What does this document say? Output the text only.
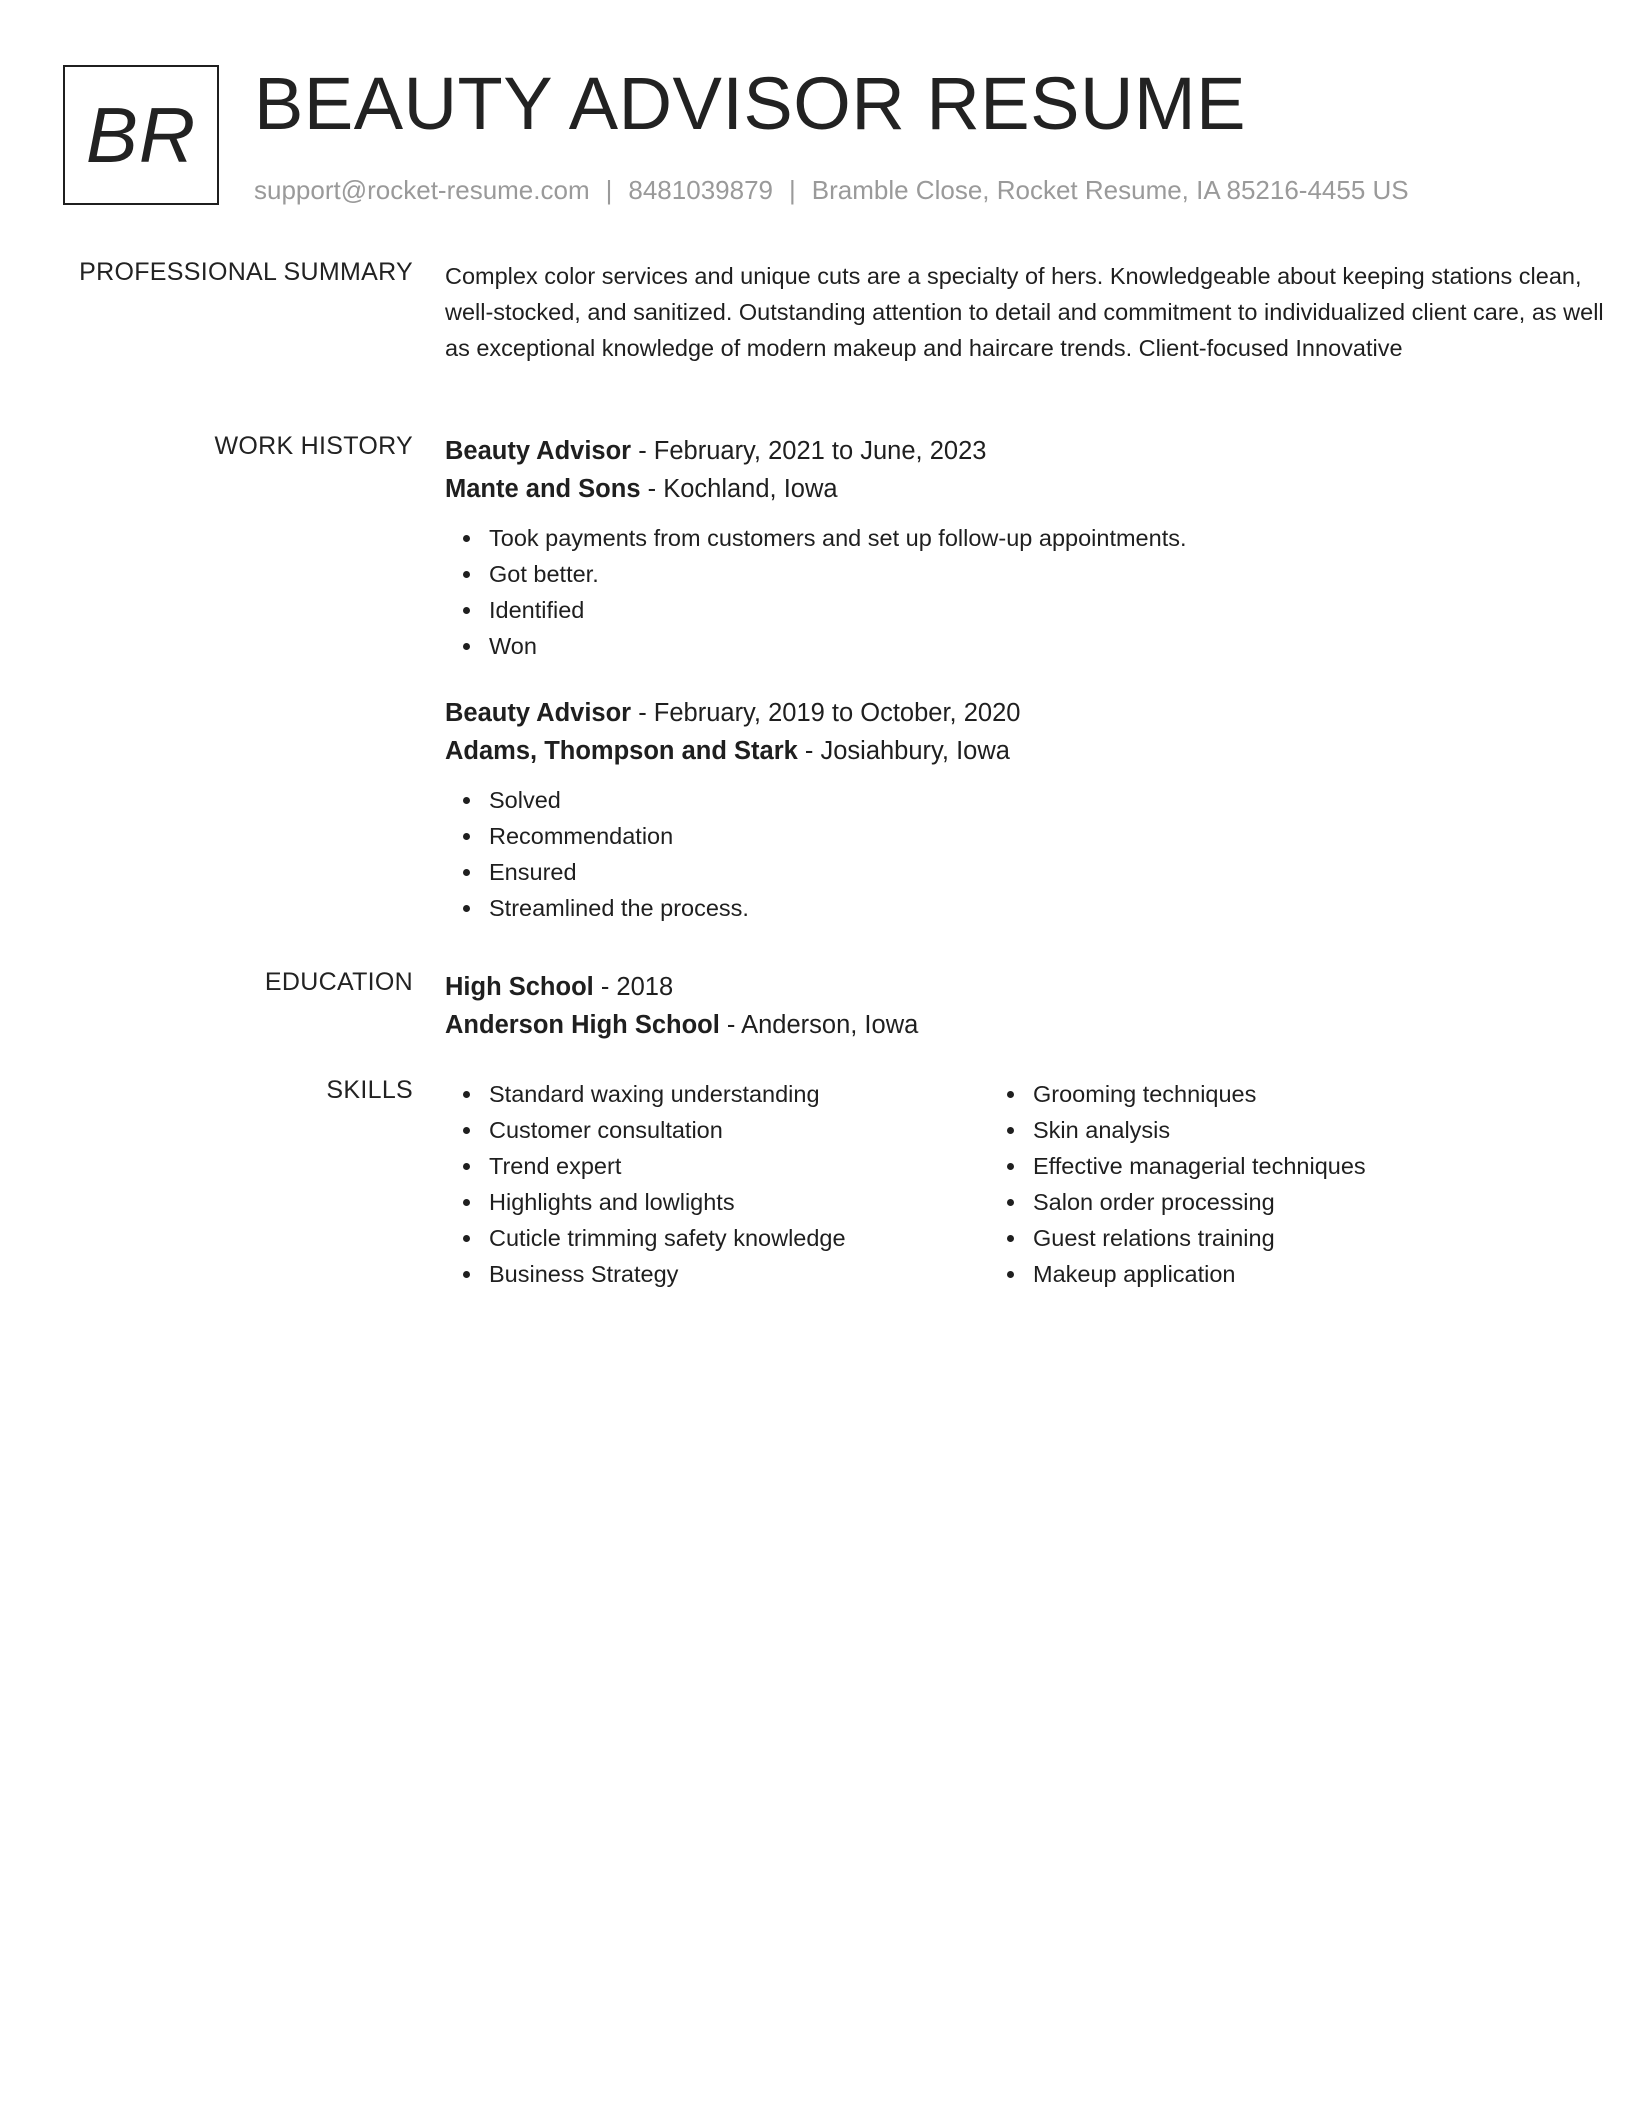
BR BEAUTY ADVISOR RESUME
support@rocket-resume.com | 8481039879 | Bramble Close, Rocket Resume, IA 85216-4455 US
PROFESSIONAL SUMMARY Complex color services and unique cuts are a specialty of hers. Knowledgeable about keeping stations clean, well-stocked, and sanitized. Outstanding attention to detail and commitment to individualized client care, as well as exceptional knowledge of modern makeup and haircare trends. Client-focused Innovative

WORK HISTORY Beauty Advisor - February, 2021 to June, 2023

Mante and Sons - Kochland, Iowa

Took payments from customers and set up follow-up appointments.
Got better.
Identified
Won

Beauty Advisor - February, 2019 to October, 2020

Adams, Thompson and Stark - Josiahbury, Iowa

Solved
Recommendation
Ensured
Streamlined the process.
EDUCATION High School - 2018

Anderson High School - Anderson, Iowa

SKILLS	Standard waxing understanding
Customer consultation
Trend expert
Highlights and lowlights
Cuticle trimming safety knowledge
Business Strategy
Grooming techniques
Skin analysis
Effective managerial techniques
Salon order processing
Guest relations training
Makeup application
